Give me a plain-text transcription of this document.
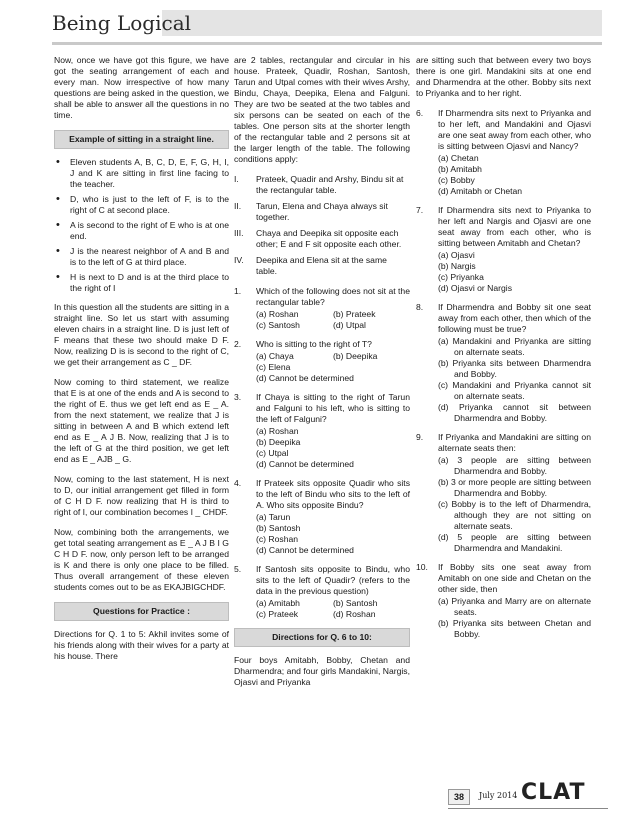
Being Logical

Now, once we have got this figure, we have got the seating arrangement of each and every man. Now irrespective of how many questions are being asked in the question, we shall be able to answer all the questions in no time.

Example of sitting in a straight line.
• Eleven students A, B, C, D, E, F, G, H, I, J and K are sitting in first line facing to the teacher.
• D, who is just to the left of F, is to the right of C at second place.
• A is second to the right of E who is at one end.
• J is the nearest neighbor of A and B and is to the left of G at third place.
• H is next to D and is at the third place to the right of I

In this question all the students are sitting in a straight line. So let us start with assuming eleven chairs in a straight line. D is just left of F means that these two should make D F. Now, realizing D is is second to the right of C, we get their arrangement as C _ DF.

Now coming to third statement, we realize that E is at one of the ends and A is second to the right of E. thus we get left end as E _ A. from the next statement, we realize that J is sitting in between A and B which extend left end as E _ A J B. Now, realizing that J is to the left of G at the third position, we get left end as E _ AJB _ G.

Now, coming to the last statement, H is next to D, our initial arrangement get filled in form of C H D F. now realizing that H is third to right of I, our combination becomes I _ CHDF.

Now, combining both the arrangements, we get total seating arrangement as E _ A J B I G C H D F. now, only person left to be arranged is K and there is only one place to be filled. Thus overall arrangement of these eleven students comes out to be as EKAJBIGCHDF.

Questions for Practice :

Directions for Q. 1 to 5: Akhil invites some of his friends along with their wives for a party at his house. There

are 2 tables, rectangular and circular in his house. Prateek, Quadir, Roshan, Santosh, Tarun and Utpal comes with their wives Arshy, Bindu, Chaya, Deepika, Elena and Falguni. They are two be seated at the two tables and six persons can be seated on each of the tables. One person sits at the shorter length of the rectangular table and 2 persons sit at the larger length of the table. The following conditions apply:

I. Prateek, Quadir and Arshy, Bindu sit at the rectangular table.
II. Tarun, Elena and Chaya always sit together.
III. Chaya and Deepika sit opposite each other; E and F sit opposite each other.
IV. Deepika and Elena sit at the same table.
1. Which of the following does not sit at the rectangular table?
(a) Roshan	(b) Prateek
(c) Santosh	(d) Utpal
2. Who is sitting to the right of T?
(a) Chaya	(b) Deepika
(c) Elena
(d) Cannot be determined
3. If Chaya is sitting to the right of Tarun and Falguni to his left, who is sitting to the left of Falguni?
(a) Roshan
(b) Deepika
(c) Utpal
(d) Cannot be determined
4. If Prateek sits opposite Quadir who sits to the left of Bindu who sits to the left of A. Who sits opposite Bindu?
(a) Tarun
(b) Santosh
(c) Roshan
(d) Cannot be determined
5. If Santosh sits opposite to Bindu, who sits to the left of Quadir? (refers to the data in the previous question)
(a) Amitabh	(b) Santosh
(c) Prateek	(d) Roshan
Directions for Q. 6 to 10:

Four boys Amitabh, Bobby, Chetan and Dharmendra; and four girls Mandakini, Nargis, Ojasvi and Priyanka

are sitting such that between every two boys there is one girl. Mandakini sits at one end and Dharmendra at the other. Bobby sits next to Priyanka and to her right.

6. If Dharmendra sits next to Priyanka and to her left, and Mandakini and Ojasvi are one seat away from each other, who is sitting between Ojasvi and Nancy?
(a) Chetan
(b) Amitabh
(c) Bobby
(d) Amitabh or Chetan
7. If Dharmendra sits next to Priyanka to her left and Nargis and Ojasvi are one seat away from each other, who is sitting between Amitabh and Chetan?
(a) Ojasvi
(b) Nargis
(c) Priyanka
(d) Ojasvi or Nargis
8. If Dharmendra and Bobby sit one seat away from each other, then which of the following must be true?
(a) Mandakini and Priyanka are sitting on alternate seats.
(b) Priyanka sits between Dharmendra and Bobby.
(c) Mandakini and Priyanka cannot sit on alternate seats.
(d) Priyanka cannot sit between Dharmendra and Bobby.
9. If Priyanka and Mandakini are sitting on alternate seats then:
(a) 3 people are sitting between Dharmendra and Bobby.
(b) 3 or more people are sitting between Dharmendra and Bobby.
(c) Bobby is to the left of Dharmendra, although they are not sitting on alternate seats.
(d) 5 people are sitting between Dharmendra and Mandakini.
10. If Bobby sits one seat away from Amitabh on one side and Chetan on the other side, then
(a) Priyanka and Marry are on alternate seats.
(b) Priyanka sits between Chetan and Bobby.
38	July 2014 CLAT
